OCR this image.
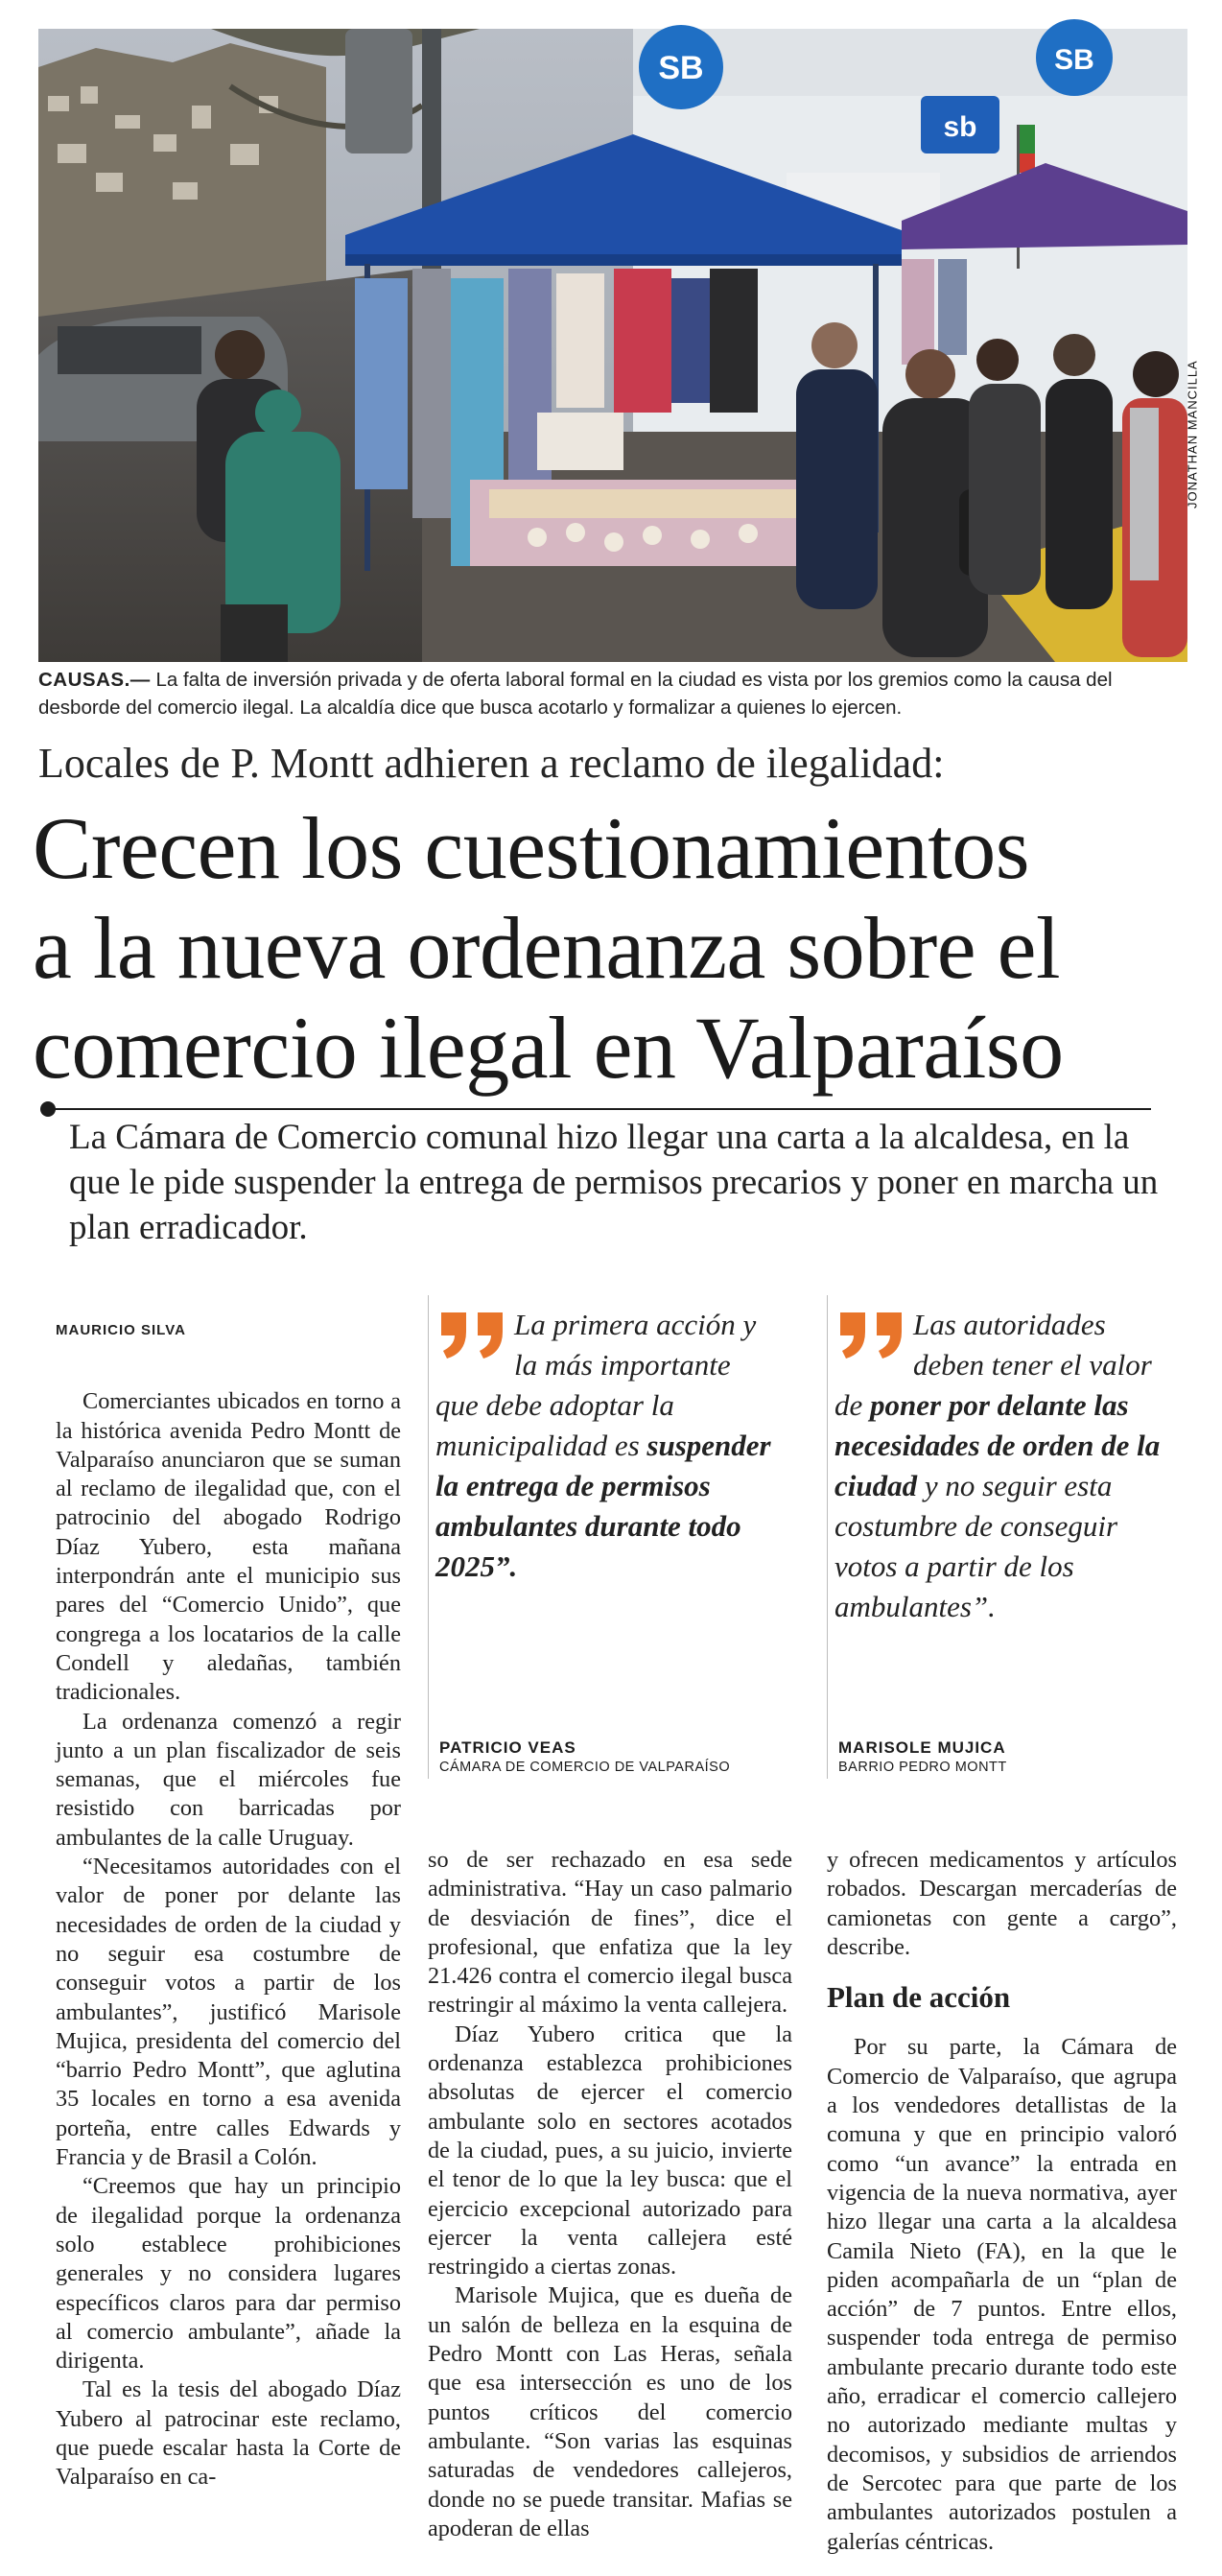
SB	SB
sb
JONATHAN MANCILLA
CAUSAS.— La falta de inversión privada y de oferta laboral formal en la ciudad es vista por los gremios como la causa del desborde del comercio ilegal. La alcaldía dice que busca acotarlo y formalizar a quienes lo ejercen.
Locales de P. Montt adhieren a reclamo de ilegalidad:
Crecen los cuestionamientos
a la nueva ordenanza sobre el
comercio ilegal en Valparaíso
La Cámara de Comercio comunal hizo llegar una carta a la alcaldesa, en la que le pide suspender la entrega de permisos precarios y poner en marcha un plan erradicador.
MAURICIO SILVA

Comerciantes ubicados en torno a la histórica avenida Pedro Montt de Valparaíso anunciaron que se suman al reclamo de ilegalidad que, con el patrocinio del abogado Rodrigo Díaz Yubero, esta mañana interpondrán ante el municipio sus pares del “Comercio Unido”, que congrega a los locatarios de la calle Condell y aledañas, también tradicionales.

La ordenanza comenzó a regir junto a un plan fiscalizador de seis semanas, que el miércoles fue resistido con barricadas por ambulantes de la calle Uruguay.

“Necesitamos autoridades con el valor de poner por delante las necesidades de orden de la ciudad y no seguir esa costumbre de conseguir votos a partir de los ambulantes”, justificó Marisole Mujica, presidenta del comercio del “barrio Pedro Montt”, que aglutina 35 locales en torno a esa avenida porteña, entre calles Edwards y Francia y de Brasil a Colón.

“Creemos que hay un principio de ilegalidad porque la ordenanza solo establece prohibiciones generales y no considera lugares específicos claros para dar permiso al comercio ambulante”, añade la dirigenta.

Tal es la tesis del abogado Díaz Yubero al patrocinar este reclamo, que puede escalar hasta la Corte de Valparaíso en ca-

La primera acción y la más importante que debe adoptar la municipalidad es suspender la entrega de permisos ambulantes durante todo 2025”.
PATRICIO VEAS
CÁMARA DE COMERCIO DE VALPARAÍSO
Las autoridades deben tener el valor de poner por delante las necesidades de orden de la ciudad y no seguir esta costumbre de conseguir votos a partir de los ambulantes”.
MARISOLE MUJICA
BARRIO PEDRO MONTT

so de ser rechazado en esa sede administrativa. “Hay un caso palmario de desviación de fines”, dice el profesional, que enfatiza que la ley 21.426 contra el comercio ilegal busca restringir al máximo la venta callejera.

Díaz Yubero critica que la ordenanza establezca prohibiciones absolutas de ejercer el comercio ambulante solo en sectores acotados de la ciudad, pues, a su juicio, invierte el tenor de lo que la ley busca: que el ejercicio excepcional autorizado para ejercer la venta callejera esté restringido a ciertas zonas.

Marisole Mujica, que es dueña de un salón de belleza en la esquina de Pedro Montt con Las Heras, señala que esa intersección es uno de los puntos críticos del comercio ambulante. “Son varias las esquinas saturadas de vendedores callejeros, donde no se puede transitar. Mafias se apoderan de ellas

y ofrecen medicamentos y artículos robados. Descargan mercaderías de camionetas con gente a cargo”, describe.

Plan de acción

Por su parte, la Cámara de Comercio de Valparaíso, que agrupa a los vendedores detallistas de la comuna y que en principio valoró como “un avance” la entrada en vigencia de la nueva normativa, ayer hizo llegar una carta a la alcaldesa Camila Nieto (FA), en la que le piden acompañarla de un “plan de acción” de 7 puntos. Entre ellos, suspender toda entrega de permiso ambulante precario durante todo este año, erradicar el comercio callejero no autorizado mediante multas y decomisos, y subsidios de arriendos de Sercotec para que parte de los ambulantes autorizados postulen a galerías céntricas.
